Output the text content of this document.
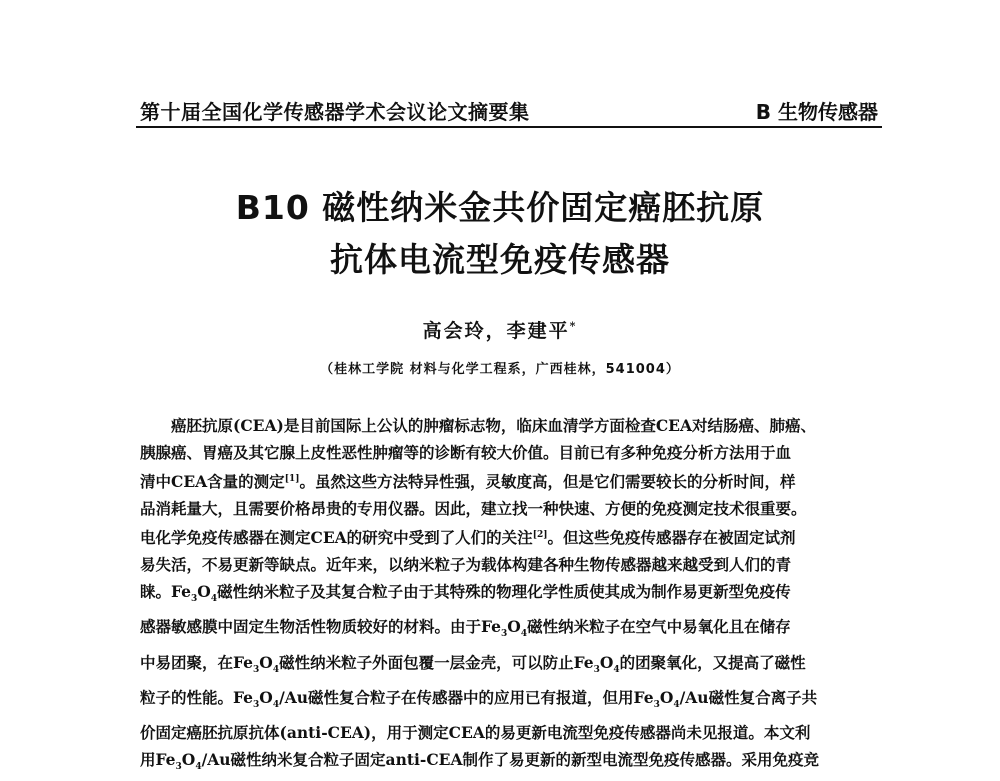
第十届全国化学传感器学术会议论文摘要集	B 生物传感器
B10 磁性纳米金共价固定癌胚抗原
抗体电流型免疫传感器
高会玲，李建平*
（桂林工学院 材料与化学工程系，广西桂林，541004）
癌胚抗原(CEA)是目前国际上公认的肿瘤标志物，临床血清学方面检查CEA对结肠癌、肺癌、
胰腺癌、胃癌及其它腺上皮性恶性肿瘤等的诊断有较大价值。目前已有多种免疫分析方法用于血
清中CEA含量的测定[1]。虽然这些方法特异性强，灵敏度高，但是它们需要较长的分析时间，样
品消耗量大，且需要价格昂贵的专用仪器。因此，建立找一种快速、方便的免疫测定技术很重要。
电化学免疫传感器在测定CEA的研究中受到了人们的关注[2]。但这些免疫传感器存在被固定试剂
易失活，不易更新等缺点。近年来，以纳米粒子为载体构建各种生物传感器越来越受到人们的青
睐。$Fe_3O_4$磁性纳米粒子及其复合粒子由于其特殊的物理化学性质使其成为制作易更新型免疫传
感器敏感膜中固定生物活性物质较好的材料。由于$Fe_3O_4$磁性纳米粒子在空气中易氧化且在储存
中易团聚，在$Fe_3O_4$磁性纳米粒子外面包覆一层金壳，可以防止$Fe_3O_4$的团聚氧化，又提高了磁性
粒子的性能。$Fe_3O_4/Au$磁性复合粒子在传感器中的应用已有报道，但用$Fe_3O_4/Au$磁性复合离子共
价固定癌胚抗原抗体(anti-CEA)，用于测定CEA的易更新电流型免疫传感器尚未见报道。本文利
用$Fe_3O_4/Au$磁性纳米复合粒子固定anti-CEA制作了易更新的新型电流型免疫传感器。采用免疫竞
